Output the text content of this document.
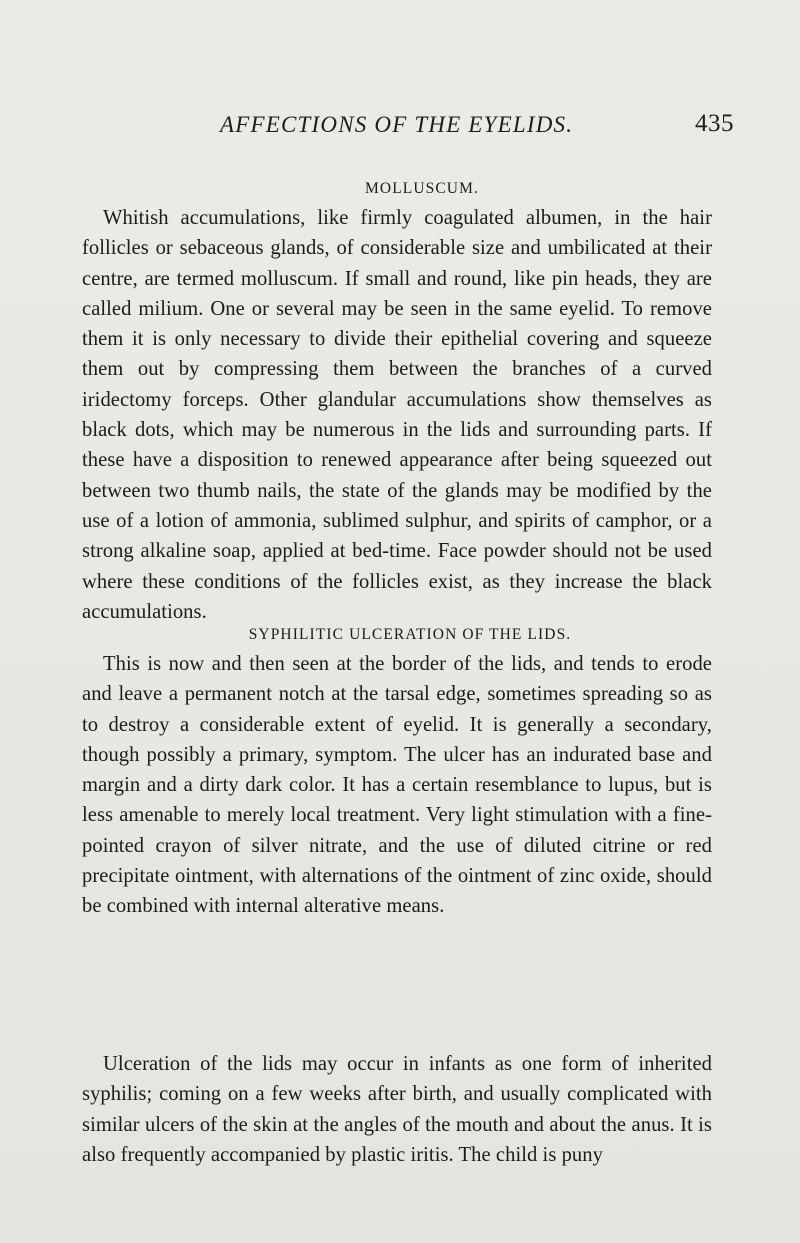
AFFECTIONS OF THE EYELIDS.	435
MOLLUSCUM.

Whitish accumulations, like firmly coagulated albumen, in the hair follicles or sebaceous glands, of considerable size and umbilicated at their centre, are termed molluscum. If small and round, like pin heads, they are called milium. One or several may be seen in the same eyelid. To remove them it is only necessary to divide their epithelial covering and squeeze them out by compressing them between the branches of a curved iridectomy forceps. Other glandular accumulations show themselves as black dots, which may be numerous in the lids and surrounding parts. If these have a disposition to renewed appearance after being squeezed out between two thumb nails, the state of the glands may be modified by the use of a lotion of ammonia, sublimed sulphur, and spirits of camphor, or a strong alkaline soap, applied at bed-time. Face powder should not be used where these conditions of the follicles exist, as they increase the black accumulations.

SYPHILITIC ULCERATION OF THE LIDS.

This is now and then seen at the border of the lids, and tends to erode and leave a permanent notch at the tarsal edge, sometimes spreading so as to destroy a considerable extent of eyelid. It is generally a secondary, though possibly a primary, symptom. The ulcer has an indurated base and margin and a dirty dark color. It has a certain resemblance to lupus, but is less amenable to merely local treatment. Very light stimulation with a fine-pointed crayon of silver nitrate, and the use of diluted citrine or red precipitate ointment, with alternations of the ointment of zinc oxide, should be combined with internal alterative means.

Ulceration of the lids may occur in infants as one form of inherited syphilis; coming on a few weeks after birth, and usually complicated with similar ulcers of the skin at the angles of the mouth and about the anus. It is also frequently accompanied by plastic iritis. The child is puny
